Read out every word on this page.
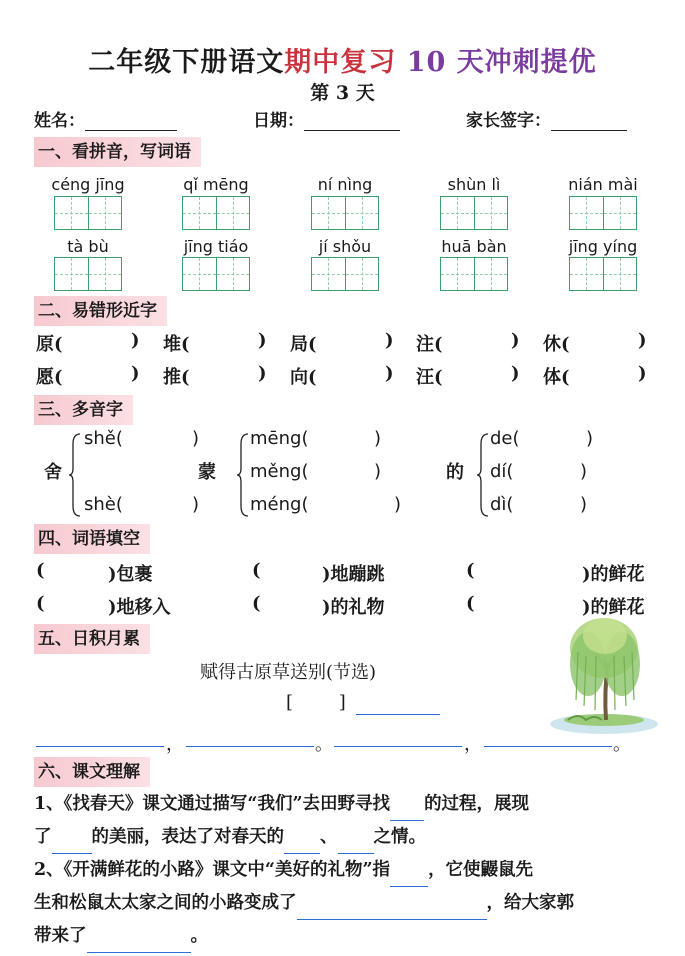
二年级下册语文期中复习 10 天冲刺提优
第 3 天
姓名：	日期：	家长签字：
一、看拼音，写词语
céng jīng	qǐ mēng	ní nìng	shùn lì	nián mài
tà bù	jīng tiáo	jí shǒu	huā bàn	jīng yíng
二、易错形近字
原(	) 堆(	) 局(	) 注(	) 休(	)
愿(	) 推(	) 向(	) 汪(	) 体(	)
三、多音字
舍
shě(	)
shè(	)
蒙
mēng(	)
měng(	)
méng(	)
的
de(	)
dí(	)
dì(	)
四、词语填空
(	)包裹	(	)地蹦跳	(	)的鲜花
(	)地移入	(	)的礼物	(	)的鲜花
五、日积月累
赋得古原草送别(节选)
[        ]
，	。	，	。
六、课文理解
1、《找春天》课文通过描写“我们”去田野寻找 的过程，展现
了 的美丽，表达了对春天的 、 之情。
2、《开满鲜花的小路》课文中“美好的礼物”指 ，它使鼹鼠先
生和松鼠太太家之间的小路变成了	，给大家郭
带来了	。
